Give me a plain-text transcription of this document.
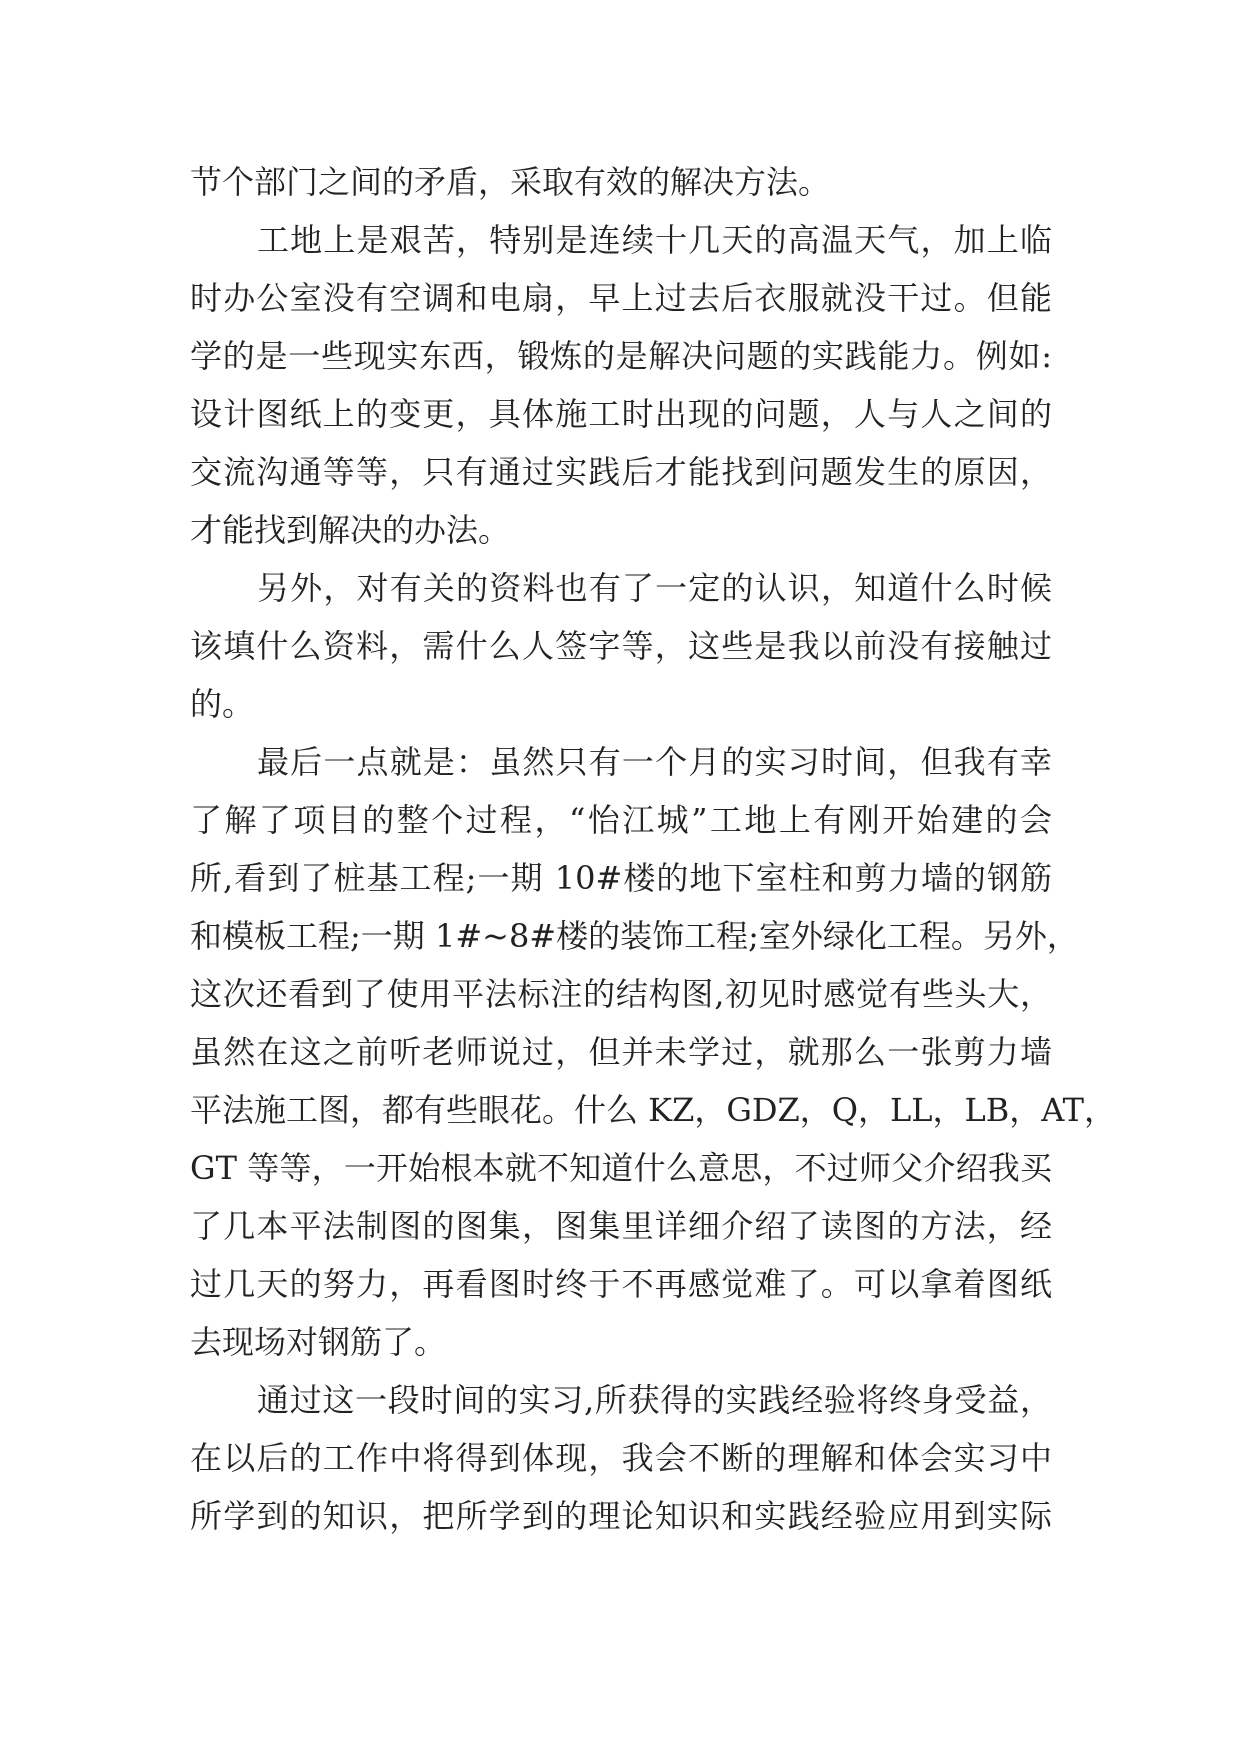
节个部门之间的矛盾，采取有效的解决方法。
工地上是艰苦，特别是连续十几天的高温天气，加上临
时办公室没有空调和电扇，早上过去后衣服就没干过。但能
学的是一些现实东西，锻炼的是解决问题的实践能力。例如:
设计图纸上的变更，具体施工时出现的问题，人与人之间的
交流沟通等等，只有通过实践后才能找到问题发生的原因，
才能找到解决的办法。
另外，对有关的资料也有了一定的认识，知道什么时候
该填什么资料，需什么人签字等，这些是我以前没有接触过
的。
最后一点就是：虽然只有一个月的实习时间，但我有幸
了解了项目的整个过程，“怡江城”工地上有刚开始建的会
所,看到了桩基工程;一期 10#楼的地下室柱和剪力墙的钢筋
和模板工程;一期 1#~8#楼的装饰工程;室外绿化工程。另外，
这次还看到了使用平法标注的结构图,初见时感觉有些头大，
虽然在这之前听老师说过，但并未学过，就那么一张剪力墙
平法施工图，都有些眼花。什么 KZ，GDZ，Q，LL，LB，AT，
GT 等等，一开始根本就不知道什么意思，不过师父介绍我买
了几本平法制图的图集，图集里详细介绍了读图的方法，经
过几天的努力，再看图时终于不再感觉难了。可以拿着图纸
去现场对钢筋了。
通过这一段时间的实习,所获得的实践经验将终身受益，
在以后的工作中将得到体现，我会不断的理解和体会实习中
所学到的知识，把所学到的理论知识和实践经验应用到实际
